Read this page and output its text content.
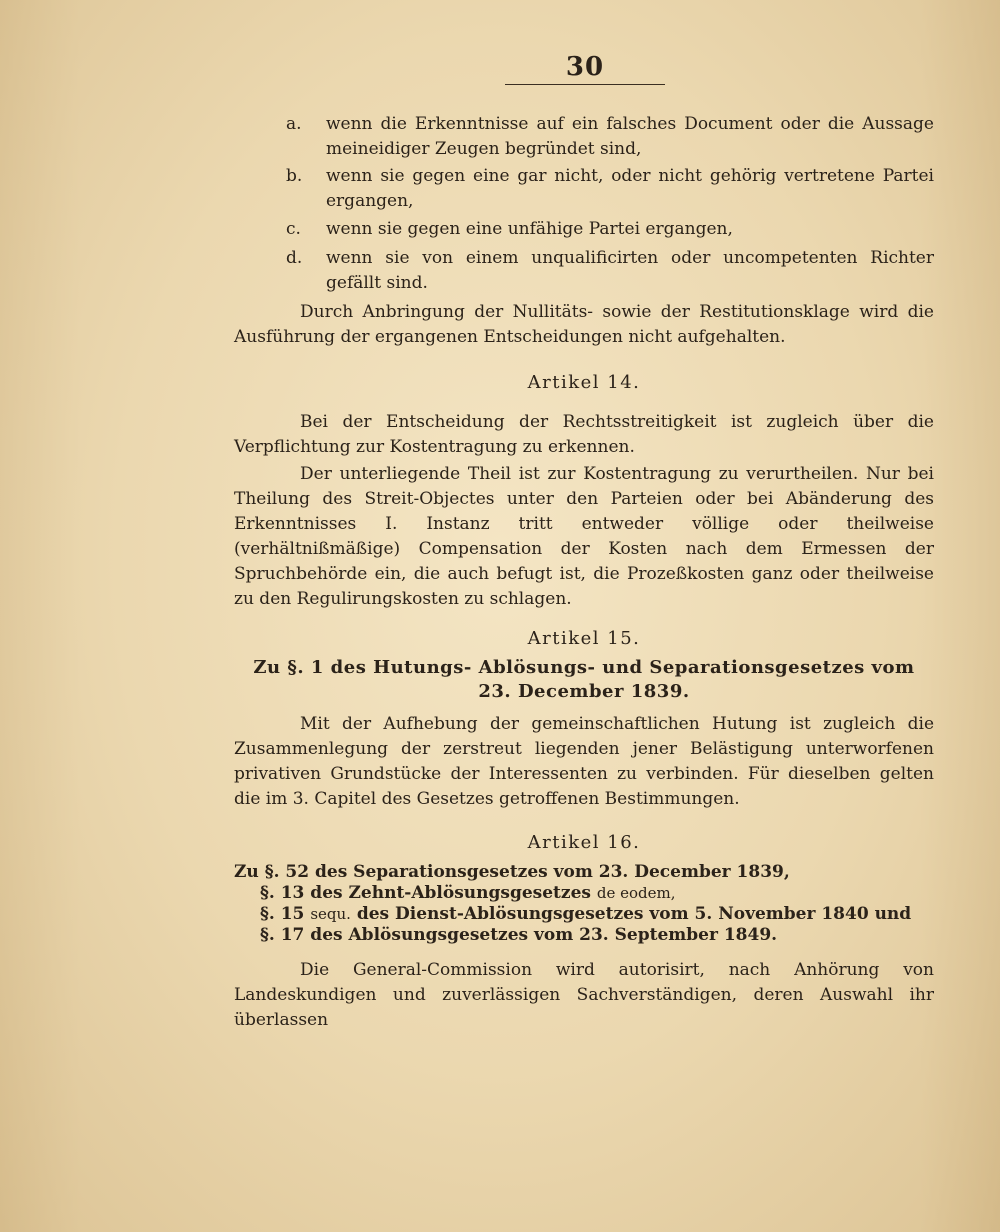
30
a.	wenn die Erkenntnisse auf ein falsches Document oder die Aussage meineidiger Zeugen begründet sind,
b.	wenn sie gegen eine gar nicht, oder nicht gehörig vertretene Partei ergangen,
c.	wenn sie gegen eine unfähige Partei ergangen,
d.	wenn sie von einem unqualificirten oder uncompetenten Richter gefällt sind.

Durch Anbringung der Nullitäts- sowie der Restitutionsklage wird die Ausführung der ergangenen Entscheidungen nicht aufgehalten.

Artikel 14.

Bei der Entscheidung der Rechtsstreitigkeit ist zugleich über die Verpflichtung zur Kostentragung zu erkennen.

Der unterliegende Theil ist zur Kostentragung zu verurtheilen. Nur bei Theilung des Streit-Objectes unter den Parteien oder bei Abänderung des Erkenntnisses I. Instanz tritt entweder völlige oder theilweise (verhältnißmäßige) Compensation der Kosten nach dem Ermessen der Spruchbehörde ein, die auch befugt ist, die Prozeßkosten ganz oder theilweise zu den Regulirungskosten zu schlagen.

Artikel 15.
Zu §. 1 des Hutungs- Ablösungs- und Separationsgesetzes vom 23. December 1839.

Mit der Aufhebung der gemeinschaftlichen Hutung ist zugleich die Zusammenlegung der zerstreut liegenden jener Belästigung unterworfenen privativen Grundstücke der Interessenten zu verbinden. Für dieselben gelten die im 3. Capitel des Gesetzes getroffenen Bestimmungen.

Artikel 16.
Zu §. 52 des Separationsgesetzes vom 23. December 1839,
§. 13 des Zehnt-Ablösungsgesetzes de eodem,
§. 15 sequ. des Dienst-Ablösungsgesetzes vom 5. November 1840 und
§. 17 des Ablösungsgesetzes vom 23. September 1849.

Die General-Commission wird autorisirt, nach Anhörung von Landeskundigen und zuverlässigen Sachverständigen, deren Auswahl ihr überlassen
